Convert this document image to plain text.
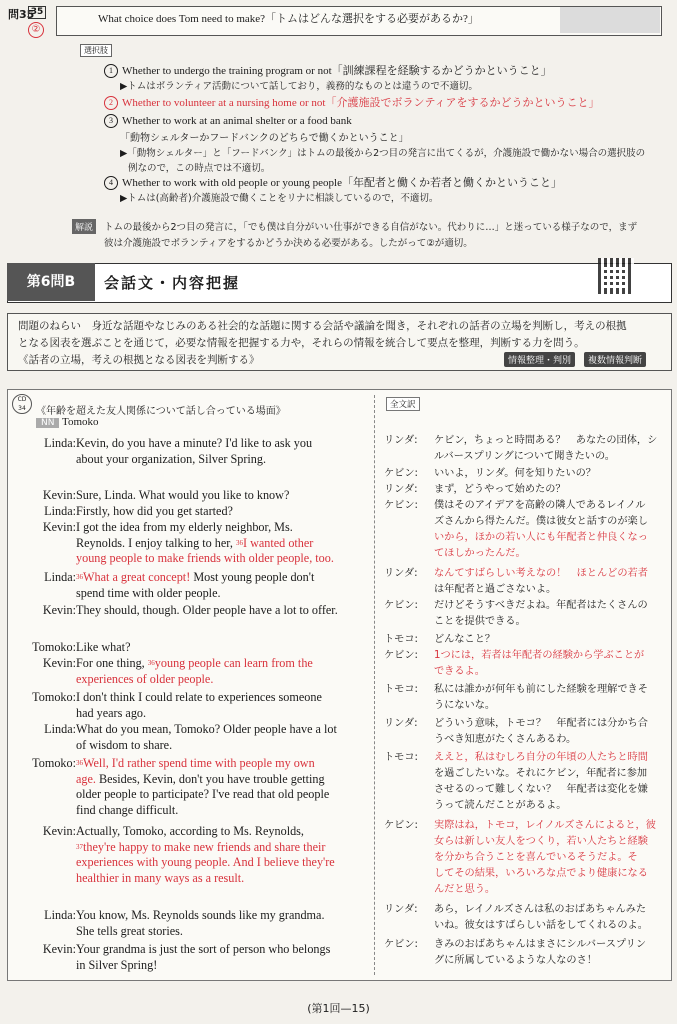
問35
35
②
What choice does Tom need to make?「トムはどんな選択をする必要があるか?」
選択肢
1 Whether to undergo the training program or not「訓練課程を経験するかどうかということ」
▶トムはボランティア活動について話しており，義務的なものとは違うので不適切。
2 Whether to volunteer at a nursing home or not「介護施設でボランティアをするかどうかということ」
3 Whether to work at an animal shelter or a food bank
「動物シェルターかフードバンクのどちらで働くかということ」
▶「動物シェルター」と「フードバンク」はトムの最後から2つ目の発言に出てくるが，介護施設で働かない場合の選択肢の
例なので，この時点では不適切。
4 Whether to work with old people or young people「年配者と働くか若者と働くかということ」
▶トムは(高齢者)介護施設で働くことをリナに相談しているので，不適切。
解説	トムの最後から2つ目の発言に，「でも僕は自分がいい仕事ができる自信がない。代わりに…」と迷っている様子なので，まず
彼は介護施設でボランティアをするかどうか決める必要がある。したがって②が適切。
第6問B	会話文・内容把握
問題のねらい　身近な話題やなじみのある社会的な話題に関する会話や議論を聞き，それぞれの話者の立場を判断し，考えの根拠
となる図表を選ぶことを通じて，必要な情報を把握する力や，それらの情報を統合して要点を整理，判断する力を問う。
《話者の立場，考えの根拠となる図表を判断する》	情報整理・判別	複数情報判断
CD 34	《年齢を超えた友人関係について話し合っている場面》
NN Tomoko
全文訳
Linda: Kevin, do you have a minute? I'd like to ask you
about your organization, Silver Spring.
Kevin: Sure, Linda. What would you like to know?
Linda: Firstly, how did you get started?
Kevin: I got the idea from my elderly neighbor, Ms.
Reynolds. I enjoy talking to her, $^{36}$I wanted other
young people to make friends with older people, too.
Linda: $^{36}$What a great concept! Most young people don't
spend time with older people.
Kevin: They should, though. Older people have a lot to offer.
Tomoko: Like what?
Kevin: For one thing, $^{36}$young people can learn from the
experiences of older people.
Tomoko: I don't think I could relate to experiences someone
had years ago.
Linda: What do you mean, Tomoko? Older people have a lot
of wisdom to share.
Tomoko: $^{36}$Well, I'd rather spend time with people my own
age. Besides, Kevin, don't you have trouble getting
older people to participate? I've read that old people
find change difficult.
Kevin: Actually, Tomoko, according to Ms. Reynolds,
$^{37}$they're happy to make new friends and share their
experiences with young people. And I believe they're
healthier in many ways as a result.
Linda: You know, Ms. Reynolds sounds like my grandma.
She tells great stories.
Kevin: Your grandma is just the sort of person who belongs
in Silver Spring!
リンダ:	ケビン，ちょっと時間ある？　あなたの団体，シ
ルバースプリングについて聞きたいの。
ケビン:	いいよ，リンダ。何を知りたいの？
リンダ:	まず，どうやって始めたの？
ケビン:	僕はそのアイデアを高齢の隣人であるレイノル
ズさんから得たんだ。僕は彼女と話すのが楽し
いから，ほかの若い人にも年配者と仲良くなっ
てほしかったんだ。
リンダ:	なんてすばらしい考えなの！　ほとんどの若者
は年配者と過ごさないよ。
ケビン:	だけどそうすべきだよね。年配者はたくさんの
ことを提供できる。
トモコ:	どんなこと？
ケビン:	1つには，若者は年配者の経験から学ぶことが
できるよ。
トモコ:	私には誰かが何年も前にした経験を理解できそ
うにないな。
リンダ:	どういう意味，トモコ？　年配者には分かち合
うべき知恵がたくさんあるわ。
トモコ:	ええと，私はむしろ自分の年頃の人たちと時間
を過ごしたいな。それにケビン，年配者に参加
させるのって難しくない？　年配者は変化を嫌
うって読んだことがあるよ。
ケビン:	実際はね，トモコ，レイノルズさんによると，彼
女らは新しい友人をつくり，若い人たちと経験
を分かち合うことを喜んでいるそうだよ。そ
してその結果，いろいろな点でより健康になる
んだと思う。
リンダ:	あら，レイノルズさんは私のおばあちゃんみた
いね。彼女はすばらしい話をしてくれるのよ。
ケビン:	きみのおばあちゃんはまさにシルバースプリン
グに所属しているような人なのさ！
(第1回—15)
